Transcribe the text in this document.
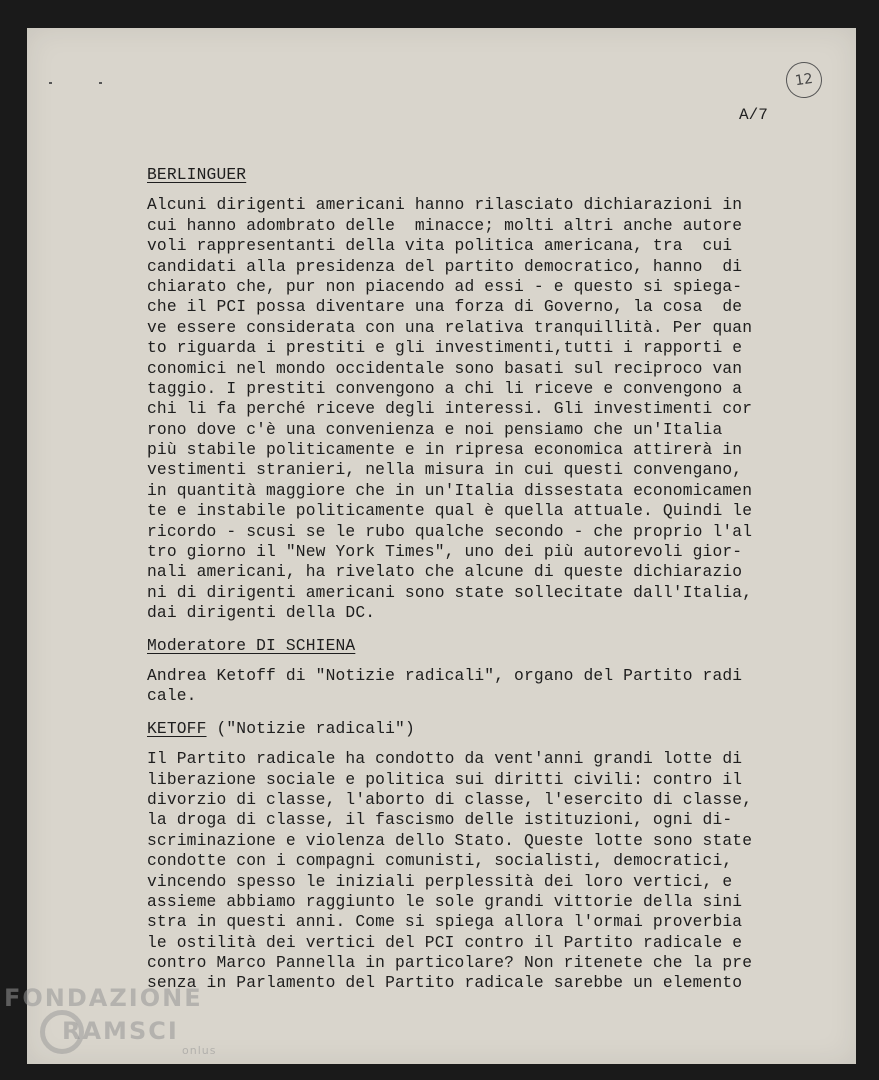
12
A/7
BERLINGUER
Alcuni dirigenti americani hanno rilasciato dichiarazioni in
cui hanno adombrato delle  minacce; molti altri anche autore
voli rappresentanti della vita politica americana, tra  cui
candidati alla presidenza del partito democratico, hanno  di
chiarato che, pur non piacendo ad essi - e questo si spiega-
che il PCI possa diventare una forza di Governo, la cosa  de
ve essere considerata con una relativa tranquillità. Per quan
to riguarda i prestiti e gli investimenti,tutti i rapporti e
conomici nel mondo occidentale sono basati sul reciproco van
taggio. I prestiti convengono a chi li riceve e convengono a
chi li fa perché riceve degli interessi. Gli investimenti cor
rono dove c'è una convenienza e noi pensiamo che un'Italia
più stabile politicamente e in ripresa economica attirerà in
vestimenti stranieri, nella misura in cui questi convengano,
in quantità maggiore che in un'Italia dissestata economicamen
te e instabile politicamente qual è quella attuale. Quindi le
ricordo - scusi se le rubo qualche secondo - che proprio l'al
tro giorno il "New York Times", uno dei più autorevoli gior-
nali americani, ha rivelato che alcune di queste dichiarazio
ni di dirigenti americani sono state sollecitate dall'Italia,
dai dirigenti della DC.
Moderatore DI SCHIENA
Andrea Ketoff di "Notizie radicali", organo del Partito radi
cale.
KETOFF ("Notizie radicali")
Il Partito radicale ha condotto da vent'anni grandi lotte di
liberazione sociale e politica sui diritti civili: contro il
divorzio di classe, l'aborto di classe, l'esercito di classe,
la droga di classe, il fascismo delle istituzioni, ogni di-
scriminazione e violenza dello Stato. Queste lotte sono state
condotte con i compagni comunisti, socialisti, democratici,
vincendo spesso le iniziali perplessità dei loro vertici, e
assieme abbiamo raggiunto le sole grandi vittorie della sini
stra in questi anni. Come si spiega allora l'ormai proverbia
le ostilità dei vertici del PCI contro il Partito radicale e
contro Marco Pannella in particolare? Non ritenete che la pre
senza in Parlamento del Partito radicale sarebbe un elemento
FONDAZIONE
RAMSCI
onlus
